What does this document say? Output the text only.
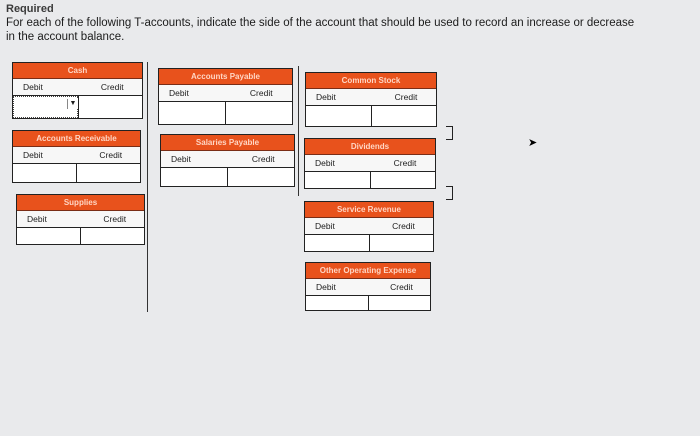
Required
For each of the following T-accounts, indicate the side of the account that should be used to record an increase or decrease in the account balance.
Cash
Debit	Credit
▼
Accounts Payable
Debit	Credit
Common Stock
Debit	Credit
Accounts Receivable
Debit	Credit
Salaries Payable
Debit	Credit
Dividends
Debit	Credit
Supplies
Debit	Credit
Service Revenue
Debit	Credit
Other Operating Expense
Debit	Credit
➤
